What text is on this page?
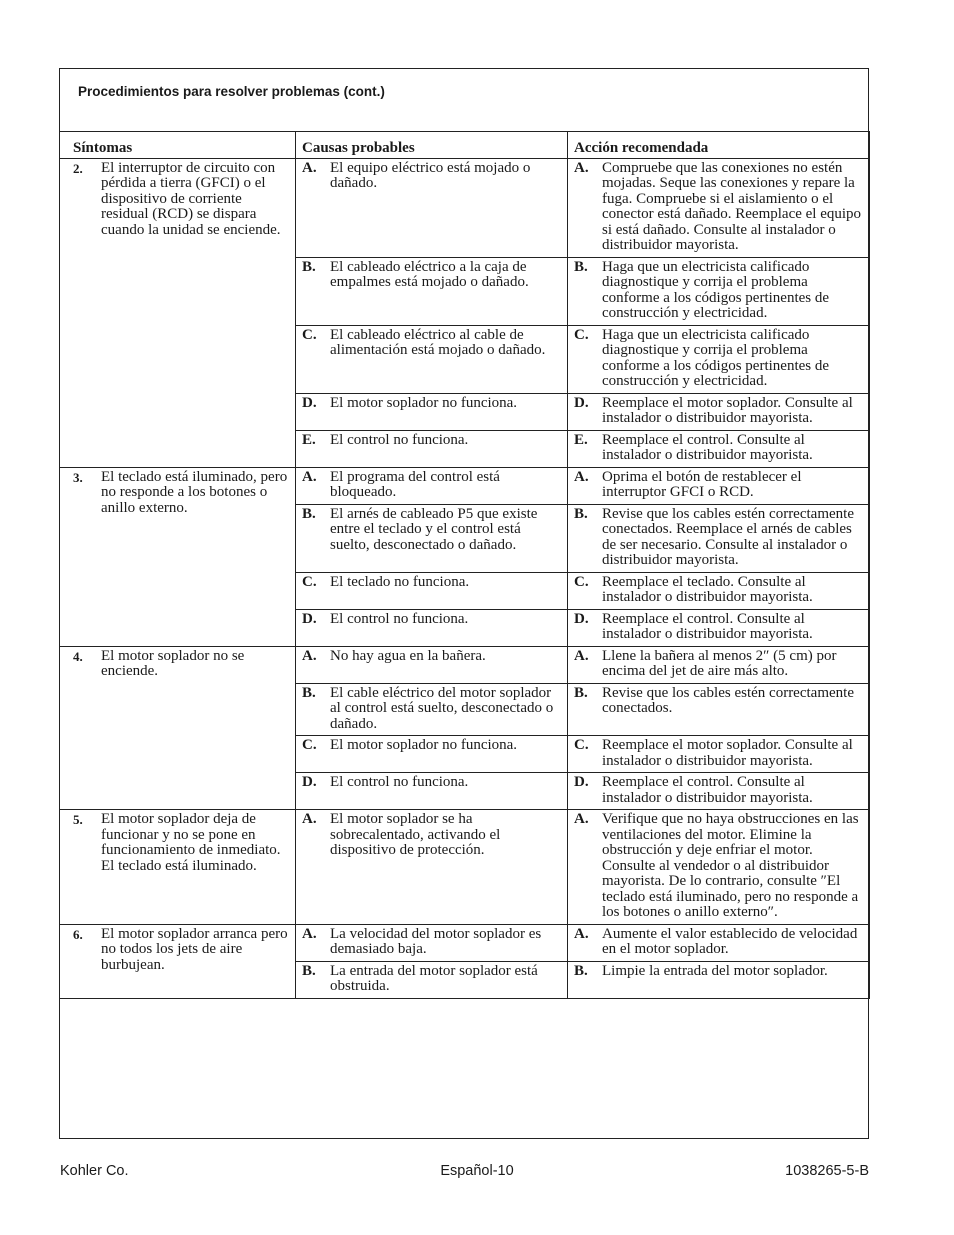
Procedimientos para resolver problemas (cont.)
Síntomas	Causas probables	Acción recomendada

2. El interruptor de circuito con pérdida a tierra (GFCI) o el dispositivo de corriente residual (RCD) se dispara cuando la unidad se enciende.	A. El equipo eléctrico está mojado o dañado.	A. Compruebe que las conexiones no estén mojadas. Seque las conexiones y repare la fuga. Compruebe si el aislamiento o el conector está dañado. Reemplace el equipo si está dañado. Consulte al instalador o distribuidor mayorista.

	B. El cableado eléctrico a la caja de empalmes está mojado o dañado.	B. Haga que un electricista calificado diagnostique y corrija el problema conforme a los códigos pertinentes de construcción y electricidad.

	C. El cableado eléctrico al cable de alimentación está mojado o dañado.	C. Haga que un electricista calificado diagnostique y corrija el problema conforme a los códigos pertinentes de construcción y electricidad.

	D. El motor soplador no funciona.	D. Reemplace el motor soplador. Consulte al instalador o distribuidor mayorista.

	E. El control no funciona.	E. Reemplace el control. Consulte al instalador o distribuidor mayorista.

3. El teclado está iluminado, pero no responde a los botones o anillo externo.	A. El programa del control está bloqueado.	A. Oprima el botón de restablecer el interruptor GFCI o RCD.

	B. El arnés de cableado P5 que existe entre el teclado y el control está suelto, desconectado o dañado.	B. Revise que los cables estén correctamente conectados. Reemplace el arnés de cables de ser necesario. Consulte al instalador o distribuidor mayorista.

	C. El teclado no funciona.	C. Reemplace el teclado. Consulte al instalador o distribuidor mayorista.

	D. El control no funciona.	D. Reemplace el control. Consulte al instalador o distribuidor mayorista.

4. El motor soplador no se enciende.	A. No hay agua en la bañera.	A. Llene la bañera al menos 2″ (5 cm) por encima del jet de aire más alto.

	B. El cable eléctrico del motor soplador al control está suelto, desconectado o dañado.	B. Revise que los cables estén correctamente conectados.

	C. El motor soplador no funciona.	C. Reemplace el motor soplador. Consulte al instalador o distribuidor mayorista.

	D. El control no funciona.	D. Reemplace el control. Consulte al instalador o distribuidor mayorista.

5. El motor soplador deja de funcionar y no se pone en funcionamiento de inmediato. El teclado está iluminado.	A. El motor soplador se ha sobrecalentado, activando el dispositivo de protección.	A. Verifique que no haya obstrucciones en las ventilaciones del motor. Elimine la obstrucción y deje enfriar el motor. Consulte al vendedor o al distribuidor mayorista. De lo contrario, consulte ″El teclado está iluminado, pero no responde a los botones o anillo externo″.

6. El motor soplador arranca pero no todos los jets de aire burbujean.	A. La velocidad del motor soplador es demasiado baja.	A. Aumente el valor establecido de velocidad en el motor soplador.

	B. La entrada del motor soplador está obstruida.	B. Limpie la entrada del motor soplador.
Kohler Co.	Español-10	1038265-5-B
